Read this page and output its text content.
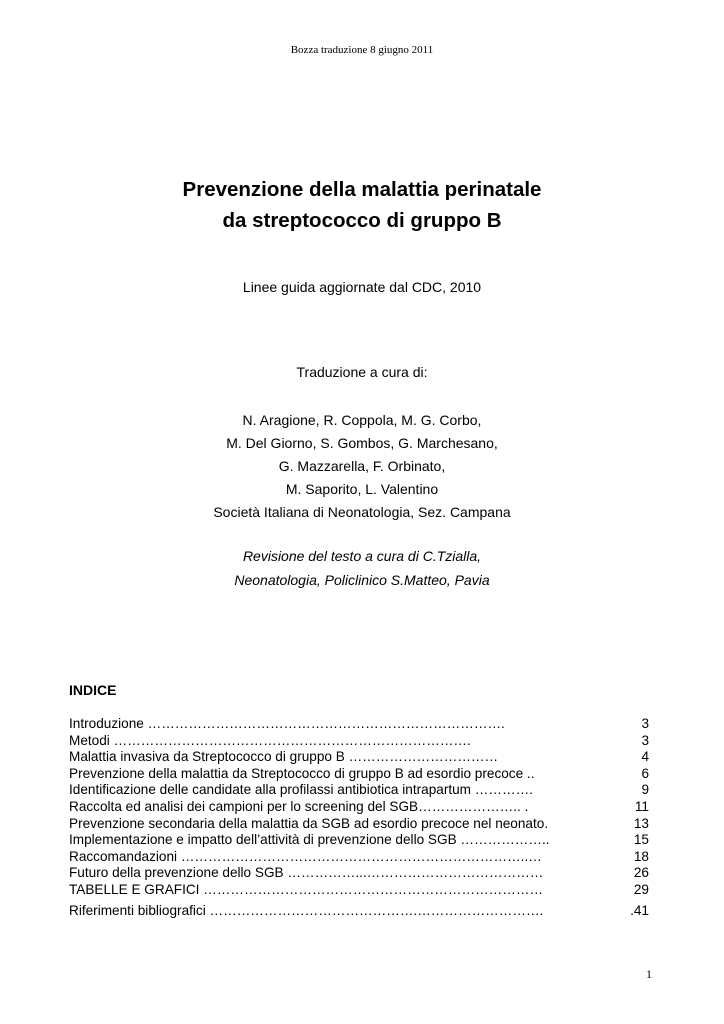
Bozza traduzione 8 giugno 2011
Prevenzione della malattia perinatale
da streptococco di gruppo B
Linee guida aggiornate dal CDC, 2010
Traduzione a cura di:
N. Aragione, R. Coppola, M. G. Corbo,
M. Del Giorno, S. Gombos, G. Marchesano,
G. Mazzarella, F. Orbinato,
M. Saporito, L. Valentino
Società Italiana di Neonatologia, Sez. Campana
Revisione del testo a cura di C.Tzialla,
Neonatologia, Policlinico S.Matteo, Pavia
INDICE
Introduzione …………………………………………………………………….	3
Metodi …………………………………………………………………….	3
Malattia invasiva da Streptococco di gruppo B ……………………………	4
Prevenzione della malattia da Streptococco di gruppo B ad esordio precoce ..	6
Identificazione delle candidate alla profilassi antibiotica intrapartum ………….	9
Raccolta ed analisi dei campioni per lo screening del SGB………………….. .	11
Prevenzione secondaria della malattia da SGB ad esordio precoce nel neonato.	13
Implementazione e impatto dell’attività di prevenzione dello SGB ………………..	15
Raccomandazioni …………………………………………………………………..…	18
Futuro della prevenzione dello SGB ……………...…………………………………	26
TABELLE E GRAFICI …………………………………………………………………	29
Riferimenti bibliografici ……………………………………….……………………….	.41
1
